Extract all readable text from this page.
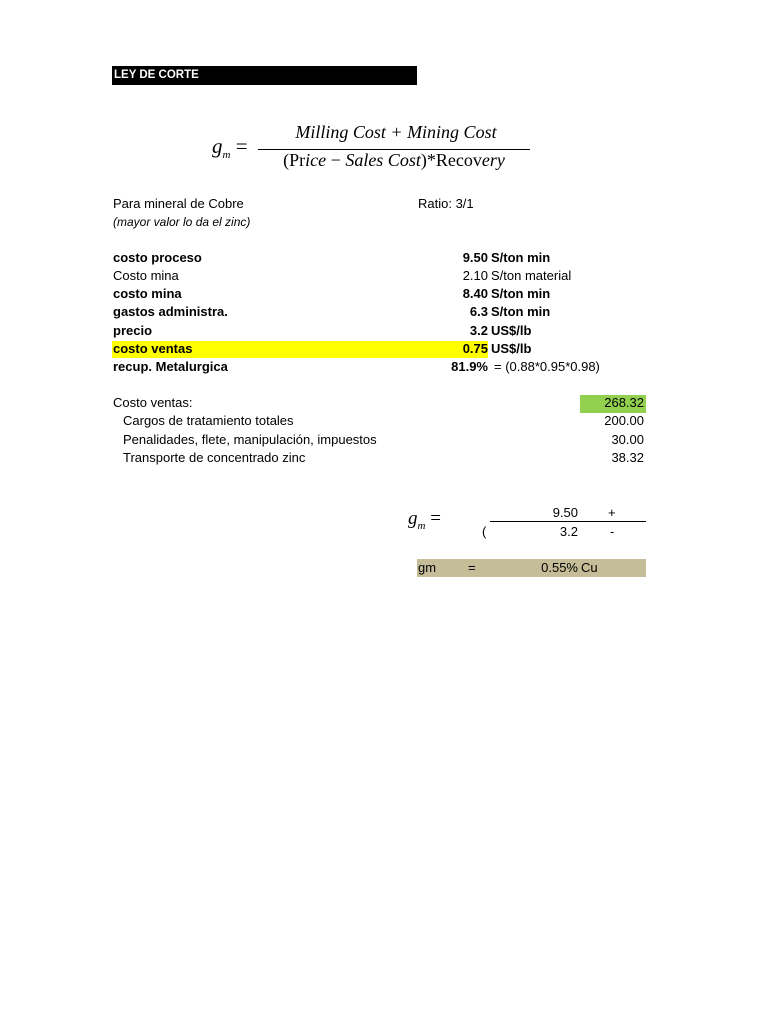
LEY DE CORTE
$g_m$ =
Milling Cost + Mining Cost
(Price − Sales Cost)*Recovery
Para mineral de Cobre	Ratio: 3/1
(mayor valor lo da el zinc)
costo proceso	9.50 S/ton min
Costo mina	2.10 S/ton material
costo mina	8.40 S/ton min
gastos administra.	6.3 S/ton min
precio	3.2 US$/lb
costo ventas	0.75 US$/lb
recup. Metalurgica	81.9% = (0.88*0.95*0.98)
Costo ventas:	268.32
Cargos de tratamiento totales	200.00
Penalidades, flete, manipulación, impuestos	30.00
Transporte de concentrado zinc	38.32
$g_m$ =	9.50 +
(	3.2 -
gm =	0.55% Cu
